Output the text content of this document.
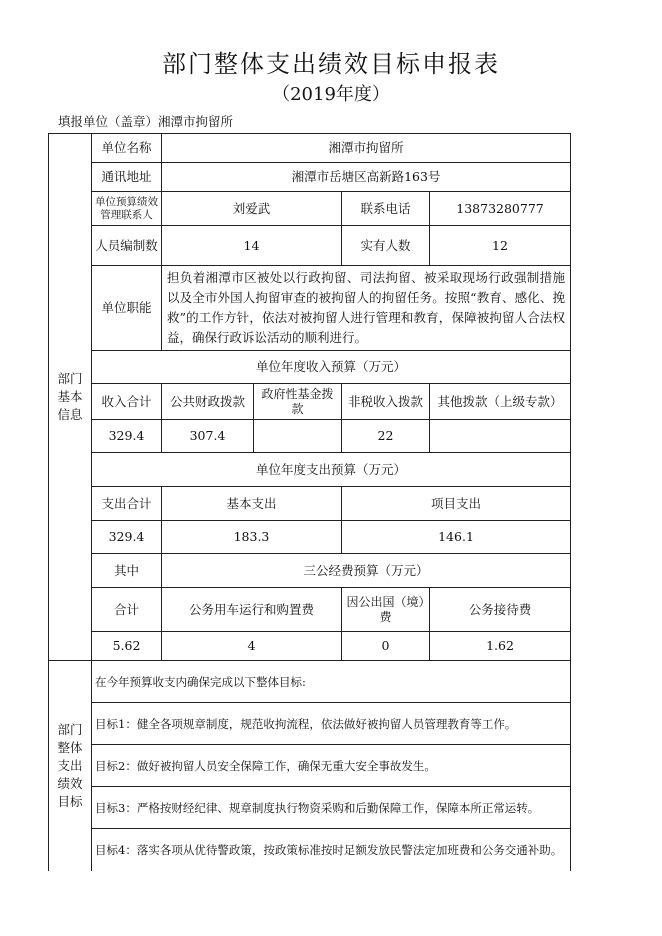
部门整体支出绩效目标申报表
（2019年度）
填报单位（盖章）湘潭市拘留所
部门
基本
信息	单位名称	湘潭市拘留所			
	通讯地址	湘潭市岳塘区高新路163号			
	单位预算绩效管理联系人	刘爱武		联系电话	13873280777
	人员编制数	14		实有人数	12
	单位职能	担负着湘潭市区被处以行政拘留、司法拘留、被采取现场行政强制措施以及全市外国人拘留审查的被拘留人的拘留任务。按照“教育、感化、挽救”的工作方针，依法对被拘留人进行管理和教育，保障被拘留人合法权益，确保行政诉讼活动的顺利进行。			
	单位年度收入预算（万元）				
	收入合计	公共财政拨款	政府性基金拨款	非税收入拨款	其他拨款（上级专款）
	329.4	307.4		22	
	单位年度支出预算（万元）				
	支出合计	基本支出		项目支出	
	329.4	183.3		146.1	
	其中	三公经费预算（万元）			
	合计	公务用车运行和购置费		因公出国（境）费	公务接待费
	5.62	4		0	1.62
部门
整体
支出
绩效
目标	在今年预算收支内确保完成以下整体目标:				
	目标1：健全各项规章制度，规范收拘流程，依法做好被拘留人员管理教育等工作。				
	目标2：做好被拘留人员安全保障工作，确保无重大安全事故发生。				
	目标3：严格按财经纪律、规章制度执行物资采购和后勤保障工作，保障本所正常运转。				
	目标4：落实各项从优待警政策，按政策标准按时足额发放民警法定加班费和公务交通补助。				
